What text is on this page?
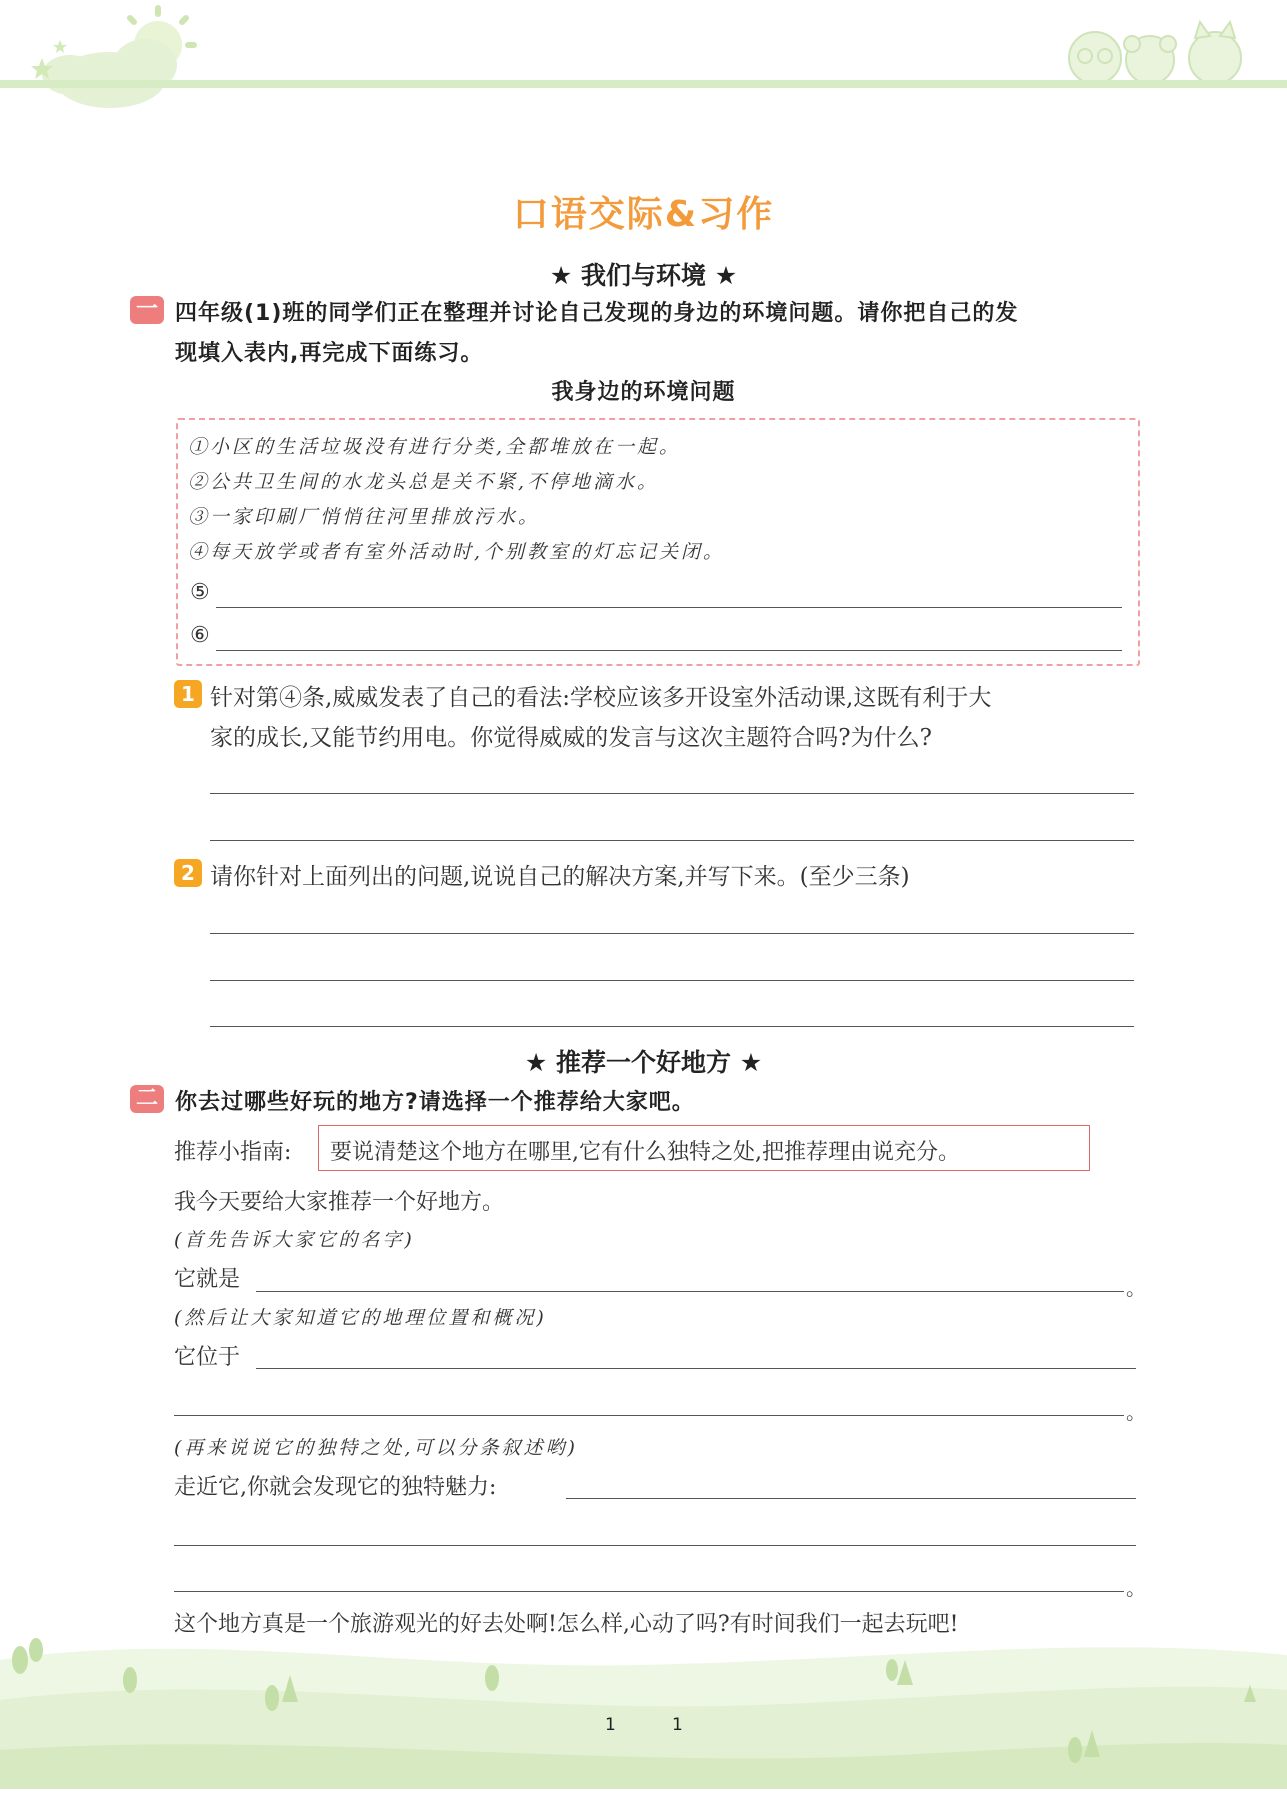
口语交际&习作
★ 我们与环境 ★
一 四年级(1)班的同学们正在整理并讨论自己发现的身边的环境问题。请你把自己的发
现填入表内,再完成下面练习。
我身边的环境问题
①小区的生活垃圾没有进行分类,全都堆放在一起。
②公共卫生间的水龙头总是关不紧,不停地滴水。
③一家印刷厂悄悄往河里排放污水。
④每天放学或者有室外活动时,个别教室的灯忘记关闭。
⑤
⑥
1 针对第④条,威威发表了自己的看法:学校应该多开设室外活动课,这既有利于大
家的成长,又能节约用电。你觉得威威的发言与这次主题符合吗?为什么?
2 请你针对上面列出的问题,说说自己的解决方案,并写下来。(至少三条)
★ 推荐一个好地方 ★
二 你去过哪些好玩的地方?请选择一个推荐给大家吧。
推荐小指南: 要说清楚这个地方在哪里,它有什么独特之处,把推荐理由说充分。
我今天要给大家推荐一个好地方。
(首先告诉大家它的名字)
它就是	。
(然后让大家知道它的地理位置和概况)
它位于
。
(再来说说它的独特之处,可以分条叙述哟)
走近它,你就会发现它的独特魅力:
。
这个地方真是一个旅游观光的好去处啊!怎么样,心动了吗?有时间我们一起去玩吧!
1	1
